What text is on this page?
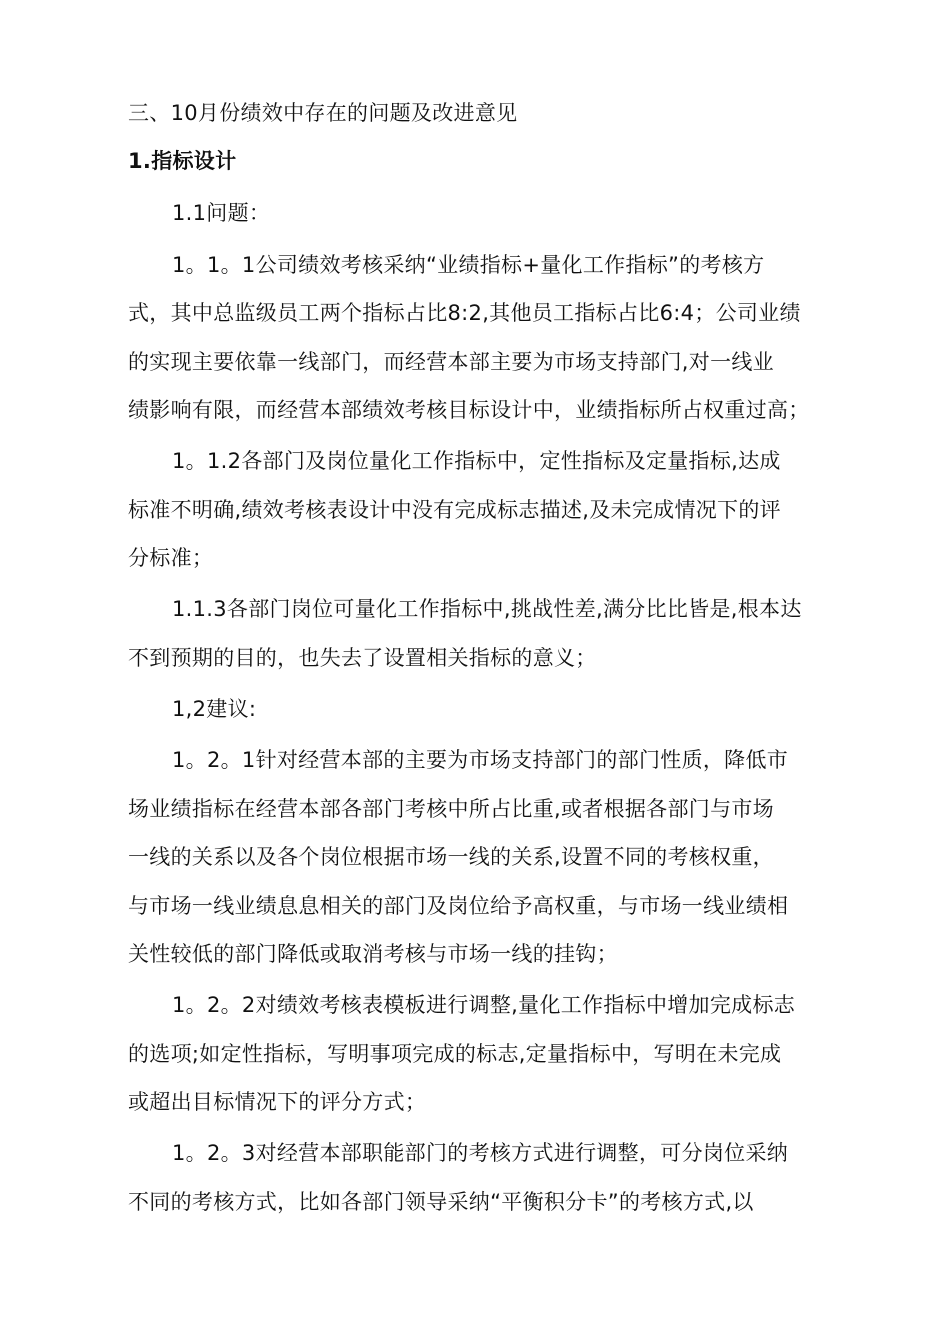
三、10月份绩效中存在的问题及改进意见
1.指标设计
1.1问题：
1。1。1公司绩效考核采纳“业绩指标+量化工作指标”的考核方
式，其中总监级员工两个指标占比8:2,其他员工指标占比6:4；公司业绩
的实现主要依靠一线部门，而经营本部主要为市场支持部门,对一线业
绩影响有限，而经营本部绩效考核目标设计中，业绩指标所占权重过高；
1。1.2各部门及岗位量化工作指标中，定性指标及定量指标,达成
标准不明确,绩效考核表设计中没有完成标志描述,及未完成情况下的评
分标准；
1.1.3各部门岗位可量化工作指标中,挑战性差,满分比比皆是,根本达
不到预期的目的，也失去了设置相关指标的意义；
1,2建议:
1。2。1针对经营本部的主要为市场支持部门的部门性质，降低市
场业绩指标在经营本部各部门考核中所占比重,或者根据各部门与市场
一线的关系以及各个岗位根据市场一线的关系,设置不同的考核权重，
与市场一线业绩息息相关的部门及岗位给予高权重，与市场一线业绩相
关性较低的部门降低或取消考核与市场一线的挂钩；
1。2。2对绩效考核表模板进行调整,量化工作指标中增加完成标志
的选项;如定性指标，写明事项完成的标志,定量指标中，写明在未完成
或超出目标情况下的评分方式；
1。2。3对经营本部职能部门的考核方式进行调整，可分岗位采纳
不同的考核方式，比如各部门领导采纳“平衡积分卡”的考核方式,以
